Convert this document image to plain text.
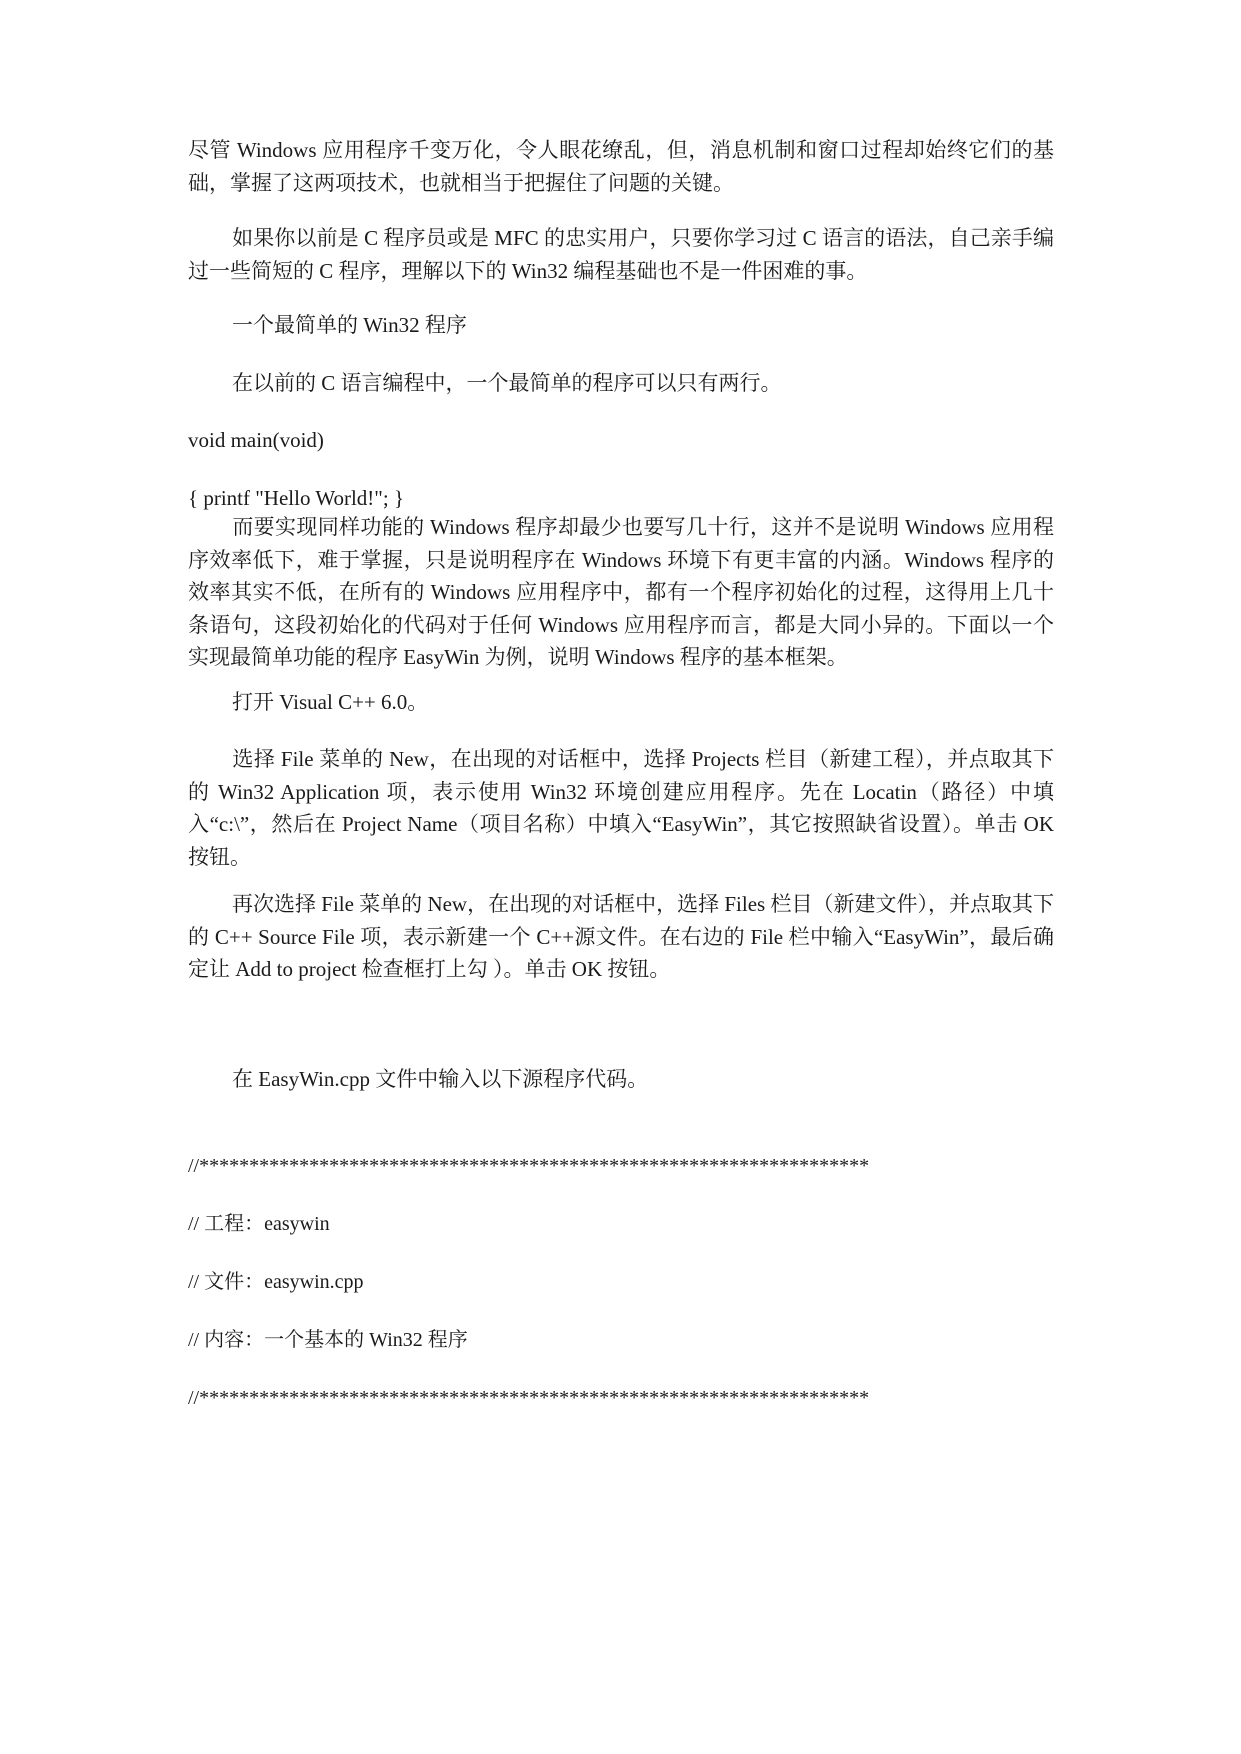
尽管 Windows 应用程序千变万化，令人眼花缭乱，但，消息机制和窗口过程却始终它们的基础，掌握了这两项技术，也就相当于把握住了问题的关键。
如果你以前是 C 程序员或是 MFC 的忠实用户，只要你学习过 C 语言的语法，自己亲手编过一些简短的 C 程序，理解以下的 Win32 编程基础也不是一件困难的事。
一个最简单的 Win32 程序
在以前的 C 语言编程中，一个最简单的程序可以只有两行。
void main(void)
{ printf "Hello World!"; }
而要实现同样功能的 Windows 程序却最少也要写几十行，这并不是说明 Windows 应用程序效率低下，难于掌握，只是说明程序在 Windows 环境下有更丰富的内涵。Windows 程序的效率其实不低，在所有的 Windows 应用程序中，都有一个程序初始化的过程，这得用上几十条语句，这段初始化的代码对于任何 Windows 应用程序而言，都是大同小异的。下面以一个实现最简单功能的程序 EasyWin 为例，说明 Windows 程序的基本框架。
打开 Visual C++ 6.0。
选择 File 菜单的 New，在出现的对话框中，选择 Projects 栏目（新建工程），并点取其下的 Win32 Application 项，表示使用 Win32 环境创建应用程序。先在 Locatin（路径）中填入“c:\”，然后在 Project Name（项目名称）中填入“EasyWin”，其它按照缺省设置）。单击 OK 按钮。
再次选择 File 菜单的 New，在出现的对话框中，选择 Files 栏目（新建文件），并点取其下的 C++ Source File 项，表示新建一个 C++源文件。在右边的 File 栏中输入“EasyWin”，最后确定让 Add to project 检查框打上勾 ）。单击 OK 按钮。
在 EasyWin.cpp 文件中输入以下源程序代码。
//*******************************************************************
// 工程：easywin
// 文件：easywin.cpp
// 内容：一个基本的 Win32 程序
//*******************************************************************
